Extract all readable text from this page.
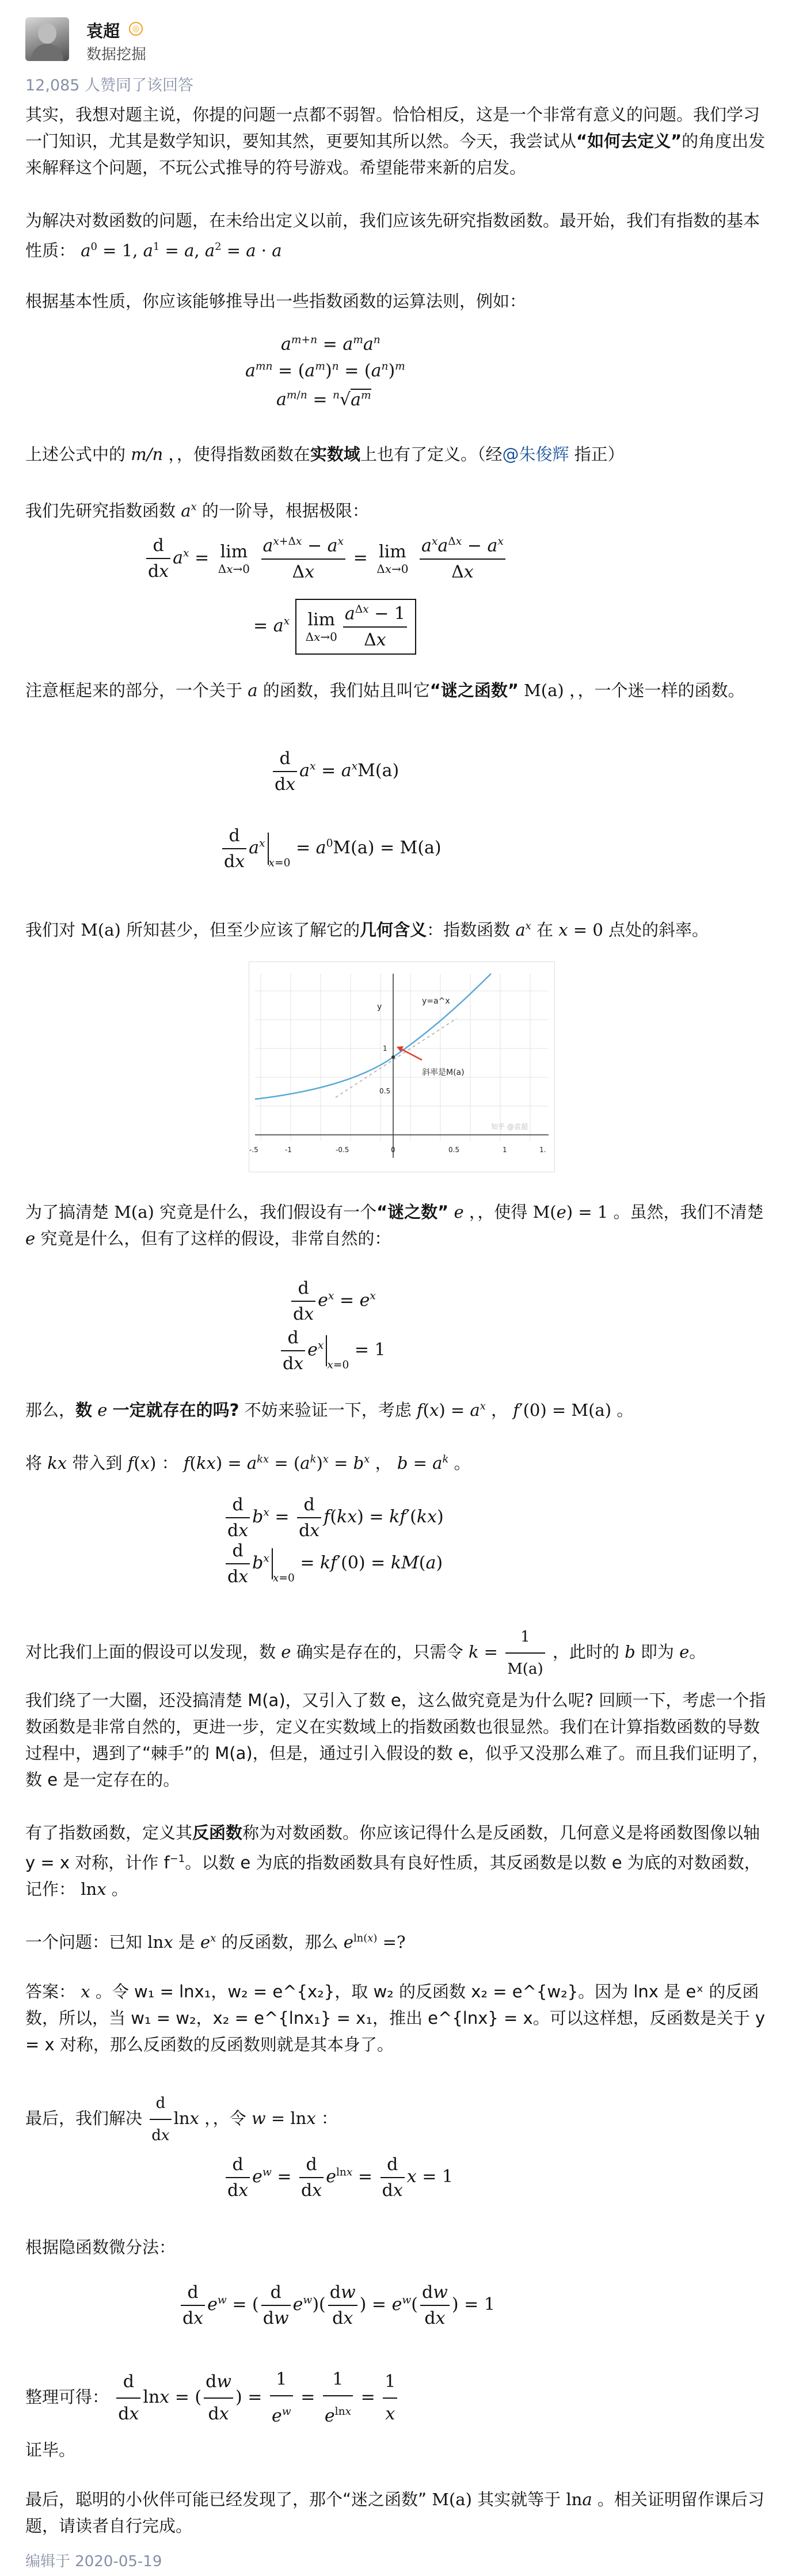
袁超	◎
数据挖掘
12,085 人赞同了该回答
其实，我想对题主说，你提的问题一点都不弱智。恰恰相反，这是一个非常有意义的问题。我们学习一门知识，尤其是数学知识，要知其然，更要知其所以然。今天，我尝试从“如何去定义”的角度出发来解释这个问题，不玩公式推导的符号游戏。希望能带来新的启发。
为解决对数函数的问题，在未给出定义以前，我们应该先研究指数函数。最开始，我们有指数的基本性质： $a^0 = 1$, $a^1 = a$, $a^2 = a \cdot a$
根据基本性质，你应该能够推导出一些指数函数的运算法则，例如：
$a^{m+n} = a^ma^n$
$a^{mn} = (a^m)^n = (a^n)^m$
$a^{m/n} = ^n√a^m$
上述公式中的 m/n ，，使得指数函数在实数域上也有了定义。（经@朱俊辉 指正）
我们先研究指数函数 $a^x$ 的一阶导，根据极限：
$\frac{d}{dx} a^x = \lim$
Δx→0
$\frac{a^{x+\Delta x} - a^x}{\Delta x} = \lim$
Δx→0
$\frac{a^xa^{\Delta x} - a^x}{\Delta x}$
= $a^x$ lim
$\Delta x\to 0 \frac{a^{\Delta x} - 1}{\Delta x}$
注意框起来的部分，一个关于 a 的函数，我们姑且叫它“谜之函数” M(a) ，，一个迷一样的函数。
$\frac{d}{dx} a^x = a^xM(a)$
$\frac{d}{dx} a^x_{x=0} = a^0M(a) = M(a)$
我们对 M(a) 所知甚少，但至少应该了解它的几何含义：指数函数 $a^x$ 在 x = 0 点处的斜率。
y=a^x
y
斜率是M(a)
1
0.5
-.5	-1	-0.5	0	0.5	1	1.
知乎 @袁超
为了搞清楚 M(a) 究竟是什么，我们假设有一个“谜之数” e ，，使得 M(e) = 1 。虽然，我们不清楚 e 究竟是什么，但有了这样的假设，非常自然的：
$\frac{d}{dx} e^x = e^x$
$\frac{d}{dx} e^x_{x=0} = 1$
那么，数 e 一定就存在的吗? 不妨来验证一下，考虑 $f(x) = a^x$ ， f′(0) = M(a) 。
将 kx 带入到 f(x) ： $f(kx) = a^{kx} = (a^k)^x = b^x$ ， $b = a^k$ 。
$\frac{d}{dx} b^x = \frac{d}{dx} f(kx) = kf'(kx)$
$\frac{d}{dx} b^x_{x=0} = kf'(0) = kM(a)$
对比我们上面的假设可以发现，数 e 确实是存在的，只需令 $k = \frac{1}{M(a)}$ ，此时的 b 即为 e。
我们绕了一大圈，还没搞清楚 M(a)，又引入了数 e，这么做究竟是为什么呢? 回顾一下，考虑一个指数函数是非常自然的，更进一步，定义在实数域上的指数函数也很显然。我们在计算指数函数的导数过程中，遇到了“棘手”的 M(a)，但是，通过引入假设的数 e，似乎又没那么难了。而且我们证明了，数 e 是一定存在的。
有了指数函数，定义其反函数称为对数函数。你应该记得什么是反函数，几何意义是将函数图像以轴 y = x 对称，计作 $f^{-1}$。以数 e 为底的指数函数具有良好性质，其反函数是以数 e 为底的对数函数，记作： lnx 。
一个问题：已知 lnx 是 $e^x$ 的反函数，那么 $e^{ln(x)}$ =?
答案： x 。令 w₁ = lnx₁，w₂ = e^{x₂}，取 w₂ 的反函数 x₂ = e^{w₂}。因为 lnx 是 eˣ 的反函数，所以，当 w₁ = w₂，x₂ = e^{lnx₁} = x₁，推出 e^{lnx} = x。可以这样想，反函数是关于 y = x 对称，那么反函数的反函数则就是其本身了。
最后，我们解决 $\frac{d}{dx}$ lnx ，，令 w = lnx ：
$\frac{d}{dx} e^w = \frac{d}{dx} e^{lnx} = \frac{d}{dx}$ x = 1
根据隐函数微分法：
$\frac{d}{dx} e^w$ = ( $\frac{d}{dw} e^w)( \frac{dw}{dx}$ ) = $e^w( \frac{dw}{dx}$ ) = 1
整理可得： $\frac{d}{dx}$ lnx = ( $\frac{dw}{dx}$ ) = $\frac{1}{e^w} = \frac{1}{e^{lnx}} = \frac{1}{x}$
证毕。
最后，聪明的小伙伴可能已经发现了，那个“迷之函数” M(a) 其实就等于 lna 。相关证明留作课后习题，请读者自行完成。
编辑于 2020-05-19
